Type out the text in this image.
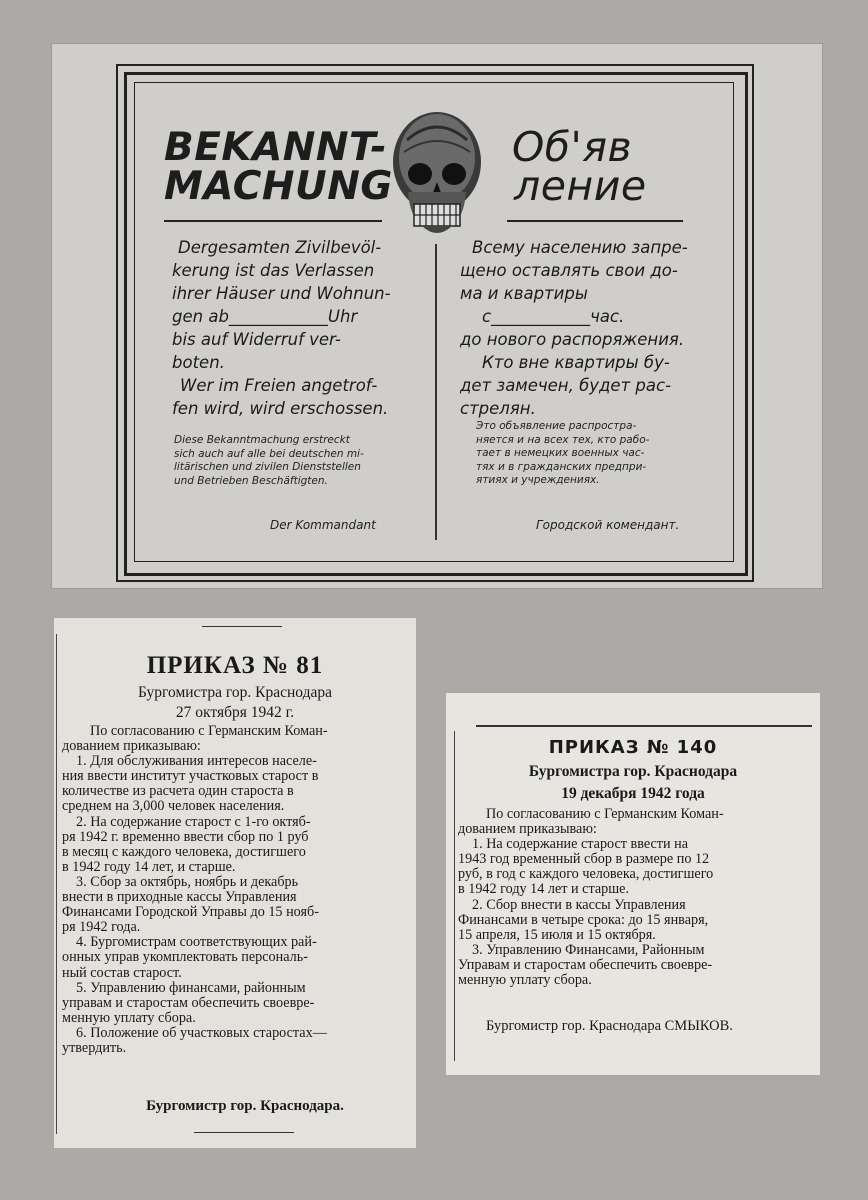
BEKANNT-
MACHUNG
Об'яв
ление
Dergesamten Zivilbevöl-
kerung ist das Verlassen
ihrer Häuser und Wohnun-
gen ab____________Uhr
bis auf Widerruf ver-
boten.
Wer im Freien angetrof-
fen wird, wird erschossen.
Всему населению запре-
щено оставлять свои до-
ма и квартиры
с____________час.
до нового распоряжения.
Кто вне квартиры бу-
дет замечен, будет рас-
стрелян.
Diese Bekanntmachung erstreckt
sich auch auf alle bei deutschen mi-
litärischen und zivilen Dienststellen
und Betrieben Beschäftigten.
Это объявление распростра-
няется и на всех тех, кто рабо-
тает в немецких военных час-
тях и в гражданских предпри-
ятиях и учреждениях.
Der Kommandant	Городской комендант.
ПРИКАЗ № 81
Бургомистра гор. Краснодара
27 октября 1942 г.
По согласованию с Германским Коман-
дованием приказываю:
1. Для обслуживания интересов населе-
ния ввести институт участковых старост в
количестве из расчета один староста в
среднем на 3,000 человек населения.
2. На содержание старост с 1-го октяб-
ря 1942 г. временно ввести сбор по 1 руб
в месяц с каждого человека, достигшего
в 1942 году 14 лет, и старше.
3. Сбор за октябрь, ноябрь и декабрь
внести в приходные кассы Управления
Финансами Городской Управы до 15 нояб-
ря 1942 года.
4. Бургомистрам соответствующих рай-
онных управ укомплектовать персональ-
ный состав старост.
5. Управлению финансами, районным
управам и старостам обеспечить своевре-
менную уплату сбора.
6. Положение об участковых старостах—
утвердить.
Бургомистр гор. Краснодара.
ПРИКАЗ № 140
Бургомистра гор. Краснодара
19 декабря 1942 года
По согласованию с Германским Коман-
дованием приказываю:
1. На содержание старост ввести на
1943 год временный сбор в размере по 12
руб, в год с каждого человека, достигшего
в 1942 году 14 лет и старше.
2. Сбор внести в кассы Управления
Финансами в четыре срока: до 15 января,
15 апреля, 15 июля и 15 октября.
3. Управлению Финансами, Районным
Управам и старостам обеспечить своевре-
менную уплату сбора.
Бургомистр гор. Краснодара СМЫКОВ.
